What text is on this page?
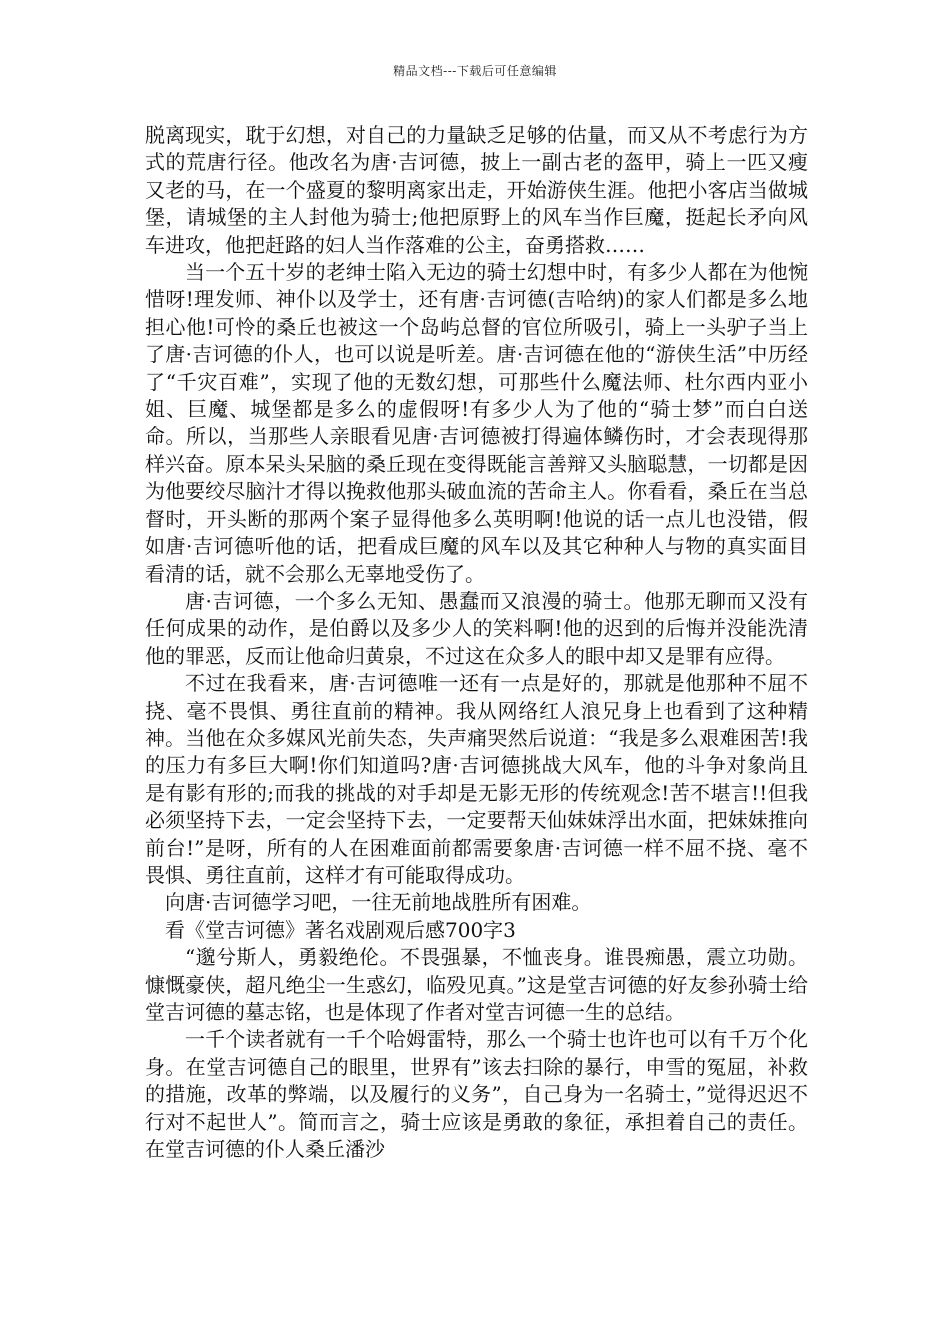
精品文档---下载后可任意编辑

脱离现实，耽于幻想，对自己的力量缺乏足够的估量，而又从不考虑行为方式的荒唐行径。他改名为唐·吉诃德，披上一副古老的盔甲，骑上一匹又瘦又老的马，在一个盛夏的黎明离家出走，开始游侠生涯。他把小客店当做城堡，请城堡的主人封他为骑士;他把原野上的风车当作巨魔，挺起长矛向风车进攻，他把赶路的妇人当作落难的公主，奋勇搭救……

当一个五十岁的老绅士陷入无边的骑士幻想中时，有多少人都在为他惋惜呀!理发师、神仆以及学士，还有唐·吉诃德(吉哈纳)的家人们都是多么地担心他!可怜的桑丘也被这一个岛屿总督的官位所吸引，骑上一头驴子当上了唐·吉诃德的仆人，也可以说是听差。唐·吉诃德在他的“游侠生活”中历经了“千灾百难”，实现了他的无数幻想，可那些什么魔法师、杜尔西内亚小姐、巨魔、城堡都是多么的虚假呀!有多少人为了他的“骑士梦”而白白送命。所以，当那些人亲眼看见唐·吉诃德被打得遍体鳞伤时，才会表现得那样兴奋。原本呆头呆脑的桑丘现在变得既能言善辩又头脑聪慧，一切都是因为他要绞尽脑汁才得以挽救他那头破血流的苦命主人。你看看，桑丘在当总督时，开头断的那两个案子显得他多么英明啊!他说的话一点儿也没错，假如唐·吉诃德听他的话，把看成巨魔的风车以及其它种种人与物的真实面目看清的话，就不会那么无辜地受伤了。

唐·吉诃德，一个多么无知、愚蠢而又浪漫的骑士。他那无聊而又没有任何成果的动作，是伯爵以及多少人的笑料啊!他的迟到的后悔并没能洗清他的罪恶，反而让他命归黄泉，不过这在众多人的眼中却又是罪有应得。

不过在我看来，唐·吉诃德唯一还有一点是好的，那就是他那种不屈不挠、毫不畏惧、勇往直前的精神。我从网络红人浪兄身上也看到了这种精神。当他在众多媒风光前失态，失声痛哭然后说道：“我是多么艰难困苦!我的压力有多巨大啊!你们知道吗?唐·吉诃德挑战大风车，他的斗争对象尚且是有影有形的;而我的挑战的对手却是无影无形的传统观念!苦不堪言!!但我必须坚持下去，一定会坚持下去，一定要帮天仙妹妹浮出水面，把妹妹推向前台!”是呀，所有的人在困难面前都需要象唐·吉诃德一样不屈不挠、毫不畏惧、勇往直前，这样才有可能取得成功。

向唐·吉诃德学习吧，一往无前地战胜所有困难。

看《堂吉诃德》著名戏剧观后感700字3

“邈兮斯人，勇毅绝伦。不畏强暴，不恤丧身。谁畏痴愚，震立功勋。慷慨豪侠，超凡绝尘一生惑幻，临殁见真。”这是堂吉诃德的好友参孙骑士给堂吉诃德的墓志铭，也是体现了作者对堂吉诃德一生的总结。

一千个读者就有一千个哈姆雷特，那么一个骑士也许也可以有千万个化身。在堂吉诃德自己的眼里，世界有”该去扫除的暴行，申雪的冤屈，补救的措施，改革的弊端，以及履行的义务”，自己身为一名骑士，”觉得迟迟不行对不起世人”。简而言之，骑士应该是勇敢的象征，承担着自己的责任。在堂吉诃德的仆人桑丘潘沙
